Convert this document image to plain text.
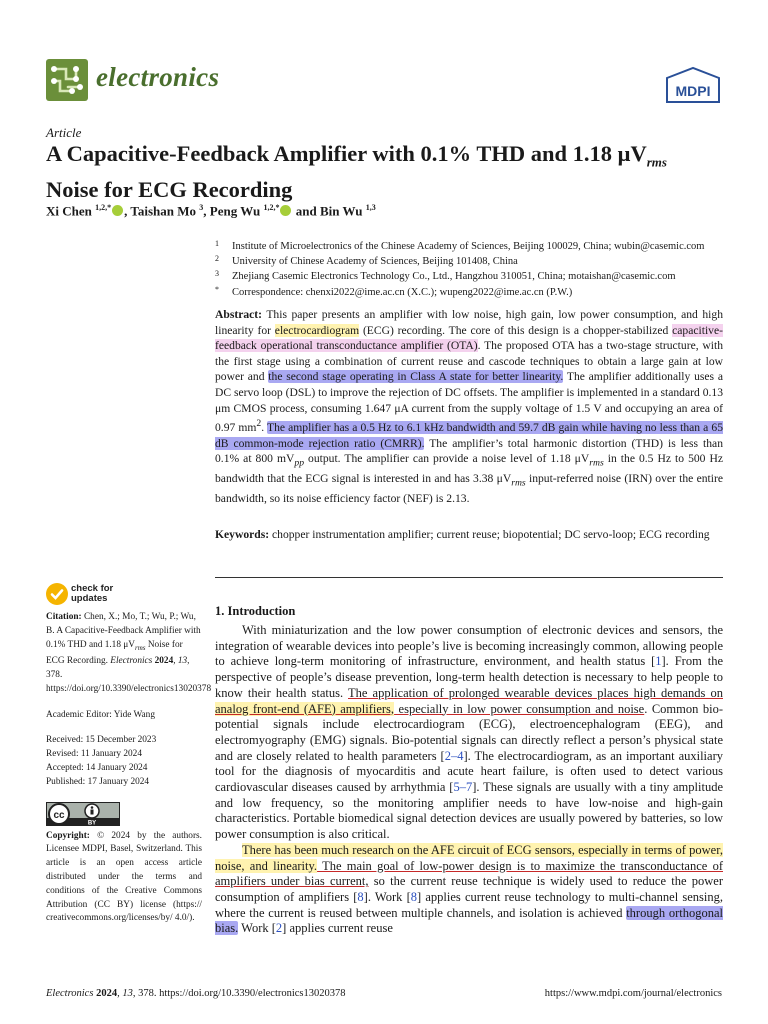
electronics	MDPI
Article
A Capacitive-Feedback Amplifier with 0.1% THD and 1.18 $\mu V_{rms}$
Noise for ECG Recording
Xi Chen $^{1,2,*}$ , Taishan Mo $^3$, Peng Wu $^{1,2,*}$ and Bin Wu $^{1,3}$
1 Institute of Microelectronics of the Chinese Academy of Sciences, Beijing 100029, China; wubin@casemic.com
2 University of Chinese Academy of Sciences, Beijing 101408, China
3 Zhejiang Casemic Electronics Technology Co., Ltd., Hangzhou 310051, China; motaishan@casemic.com
* Correspondence: chenxi2022@ime.ac.cn (X.C.); wupeng2022@ime.ac.cn (P.W.)

Abstract: This paper presents an amplifier with low noise, high gain, low power consumption, and high linearity for electrocardiogram (ECG) recording. The core of this design is a chopper-stabilized capacitive-feedback operational transconductance amplifier (OTA). The proposed OTA has a two-stage structure, with the first stage using a combination of current reuse and cascode techniques to obtain a large gain at low power and the second stage operating in Class A state for better linearity. The amplifier additionally uses a DC servo loop (DSL) to improve the rejection of DC offsets. The amplifier is implemented in a standard 0.13 μm CMOS process, consuming 1.647 μA current from the supply voltage of 1.5 V and occupying an area of 0.97 $mm^2$. The amplifier has a 0.5 Hz to 6.1 kHz bandwidth and 59.7 dB gain while having no less than a 65 dB common-mode rejection ratio (CMRR). The amplifier’s total harmonic distortion (THD) is less than 0.1% at 800 $mV_{pp}$ output. The amplifier can provide a noise level of 1.18 $\mu V_{rms}$ in the 0.5 Hz to 500 Hz bandwidth that the ECG signal is interested in and has 3.38 $\mu V_{rms}$ input-referred noise (IRN) over the entire bandwidth, so its noise efficiency factor (NEF) is 2.13.

Keywords: chopper instrumentation amplifier; current reuse; biopotential; DC servo-loop; ECG recording

check for
updates

Citation: Chen, X.; Mo, T.; Wu, P.; Wu, B. A Capacitive-Feedback Amplifier with 0.1% THD and 1.18 $\mu V_{rms}$ Noise for ECG Recording. Electronics 2024, 13, 378. https://doi.org/10.3390/electronics13020378

Academic Editor: Yide Wang

Received: 15 December 2023

Revised: 11 January 2024

Accepted: 14 January 2024

Published: 17 January 2024

cc
BY

Copyright: © 2024 by the authors. Licensee MDPI, Basel, Switzerland. This article is an open access article distributed under the terms and conditions of the Creative Commons Attribution (CC BY) license (https:// creativecommons.org/licenses/by/ 4.0/).

1. Introduction

With miniaturization and the low power consumption of electronic devices and sensors, the integration of wearable devices into people’s live is becoming increasingly common, allowing people to achieve long-term monitoring of infrastructure, environment, and health status [1]. From the perspective of people’s disease prevention, long-term health detection is necessary to help people to know their health status. The application of prolonged wearable devices places high demands on analog front-end (AFE) amplifiers, especially in low power consumption and noise. Common bio-potential signals include electrocardiogram (ECG), electroencephalogram (EEG), and electromyography (EMG) signals. Bio-potential signals can directly reflect a person’s physical state and are closely related to health parameters [2–4]. The electrocardiogram, as an important auxiliary tool for the diagnosis of myocarditis and acute heart failure, is often used to detect various cardiovascular diseases caused by arrhythmia [5–7]. These signals are usually with a tiny amplitude and low frequency, so the monitoring amplifier needs to have low-noise and high-gain characteristics. Portable biomedical signal detection devices are usually powered by batteries, so low power consumption is also critical.

There has been much research on the AFE circuit of ECG sensors, especially in terms of power, noise, and linearity. The main goal of low-power design is to maximize the transconductance of amplifiers under bias current, so the current reuse technique is widely used to reduce the power consumption of amplifiers [8]. Work [8] applies current reuse technology to multi-channel sensing, where the current is reused between multiple channels, and isolation is achieved through orthogonal bias. Work [2] applies current reuse

Electronics 2024, 13, 378. https://doi.org/10.3390/electronics13020378	https://www.mdpi.com/journal/electronics
